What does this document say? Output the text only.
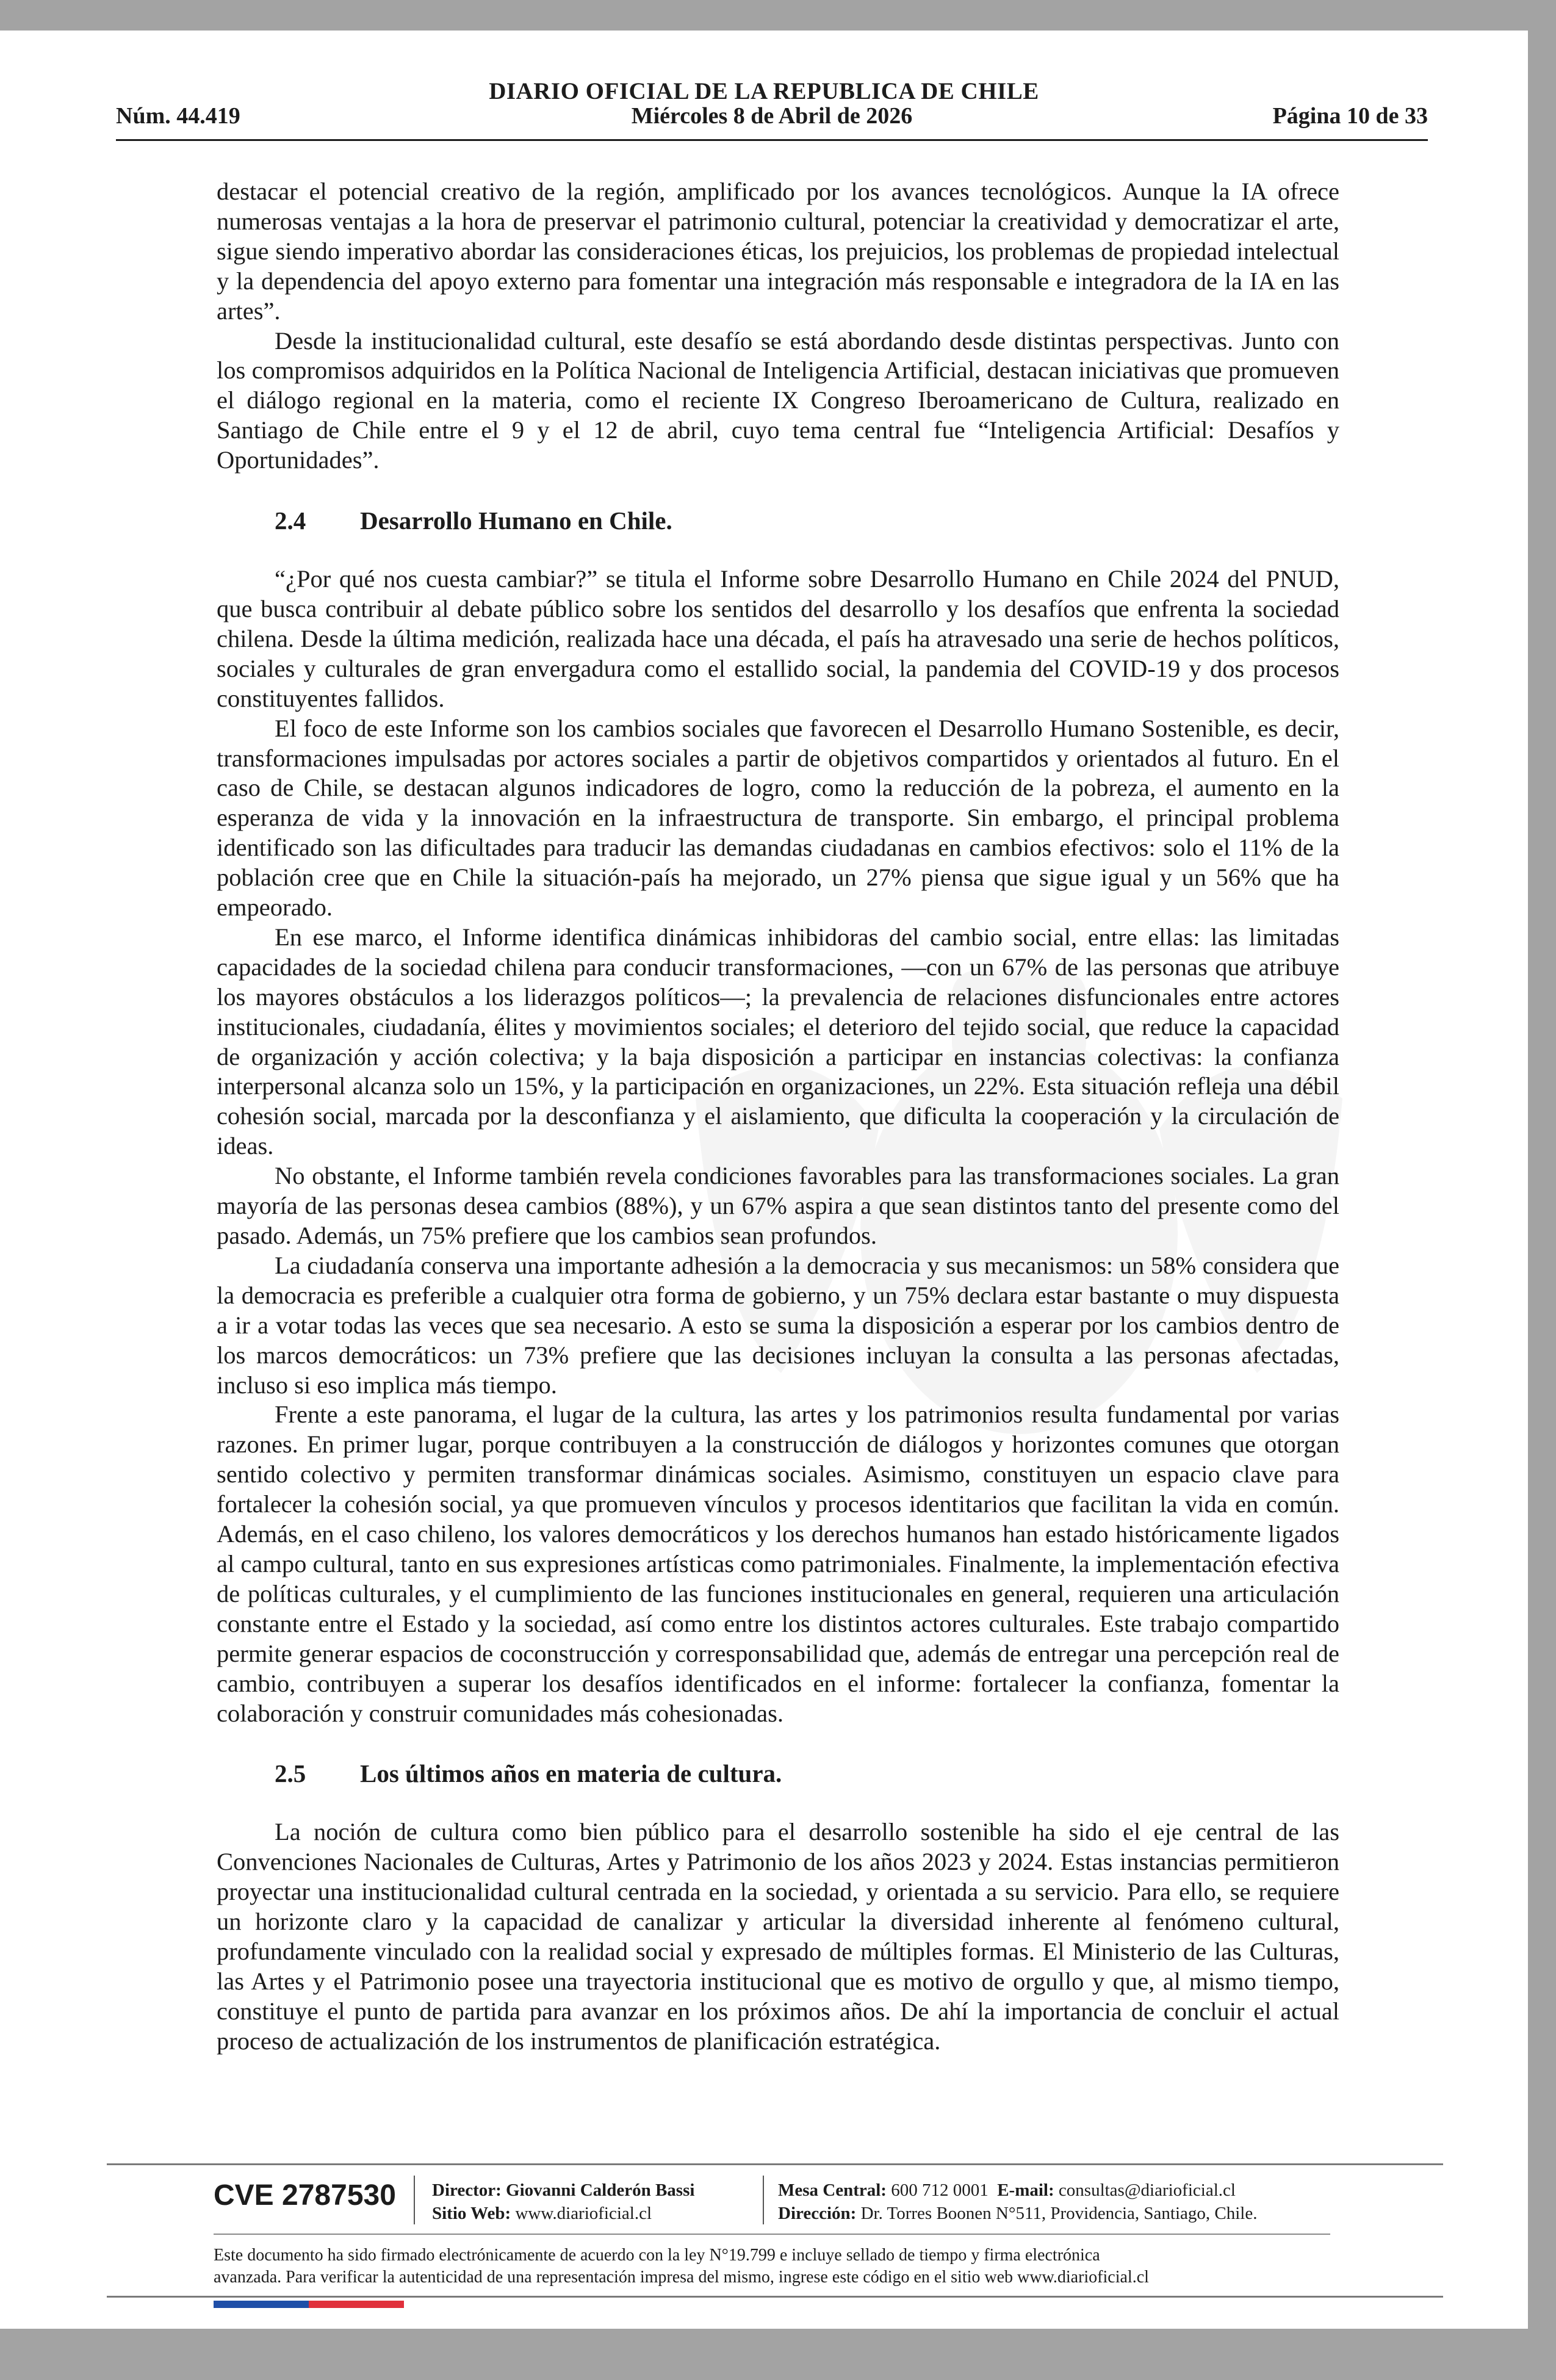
DIARIO OFICIAL DE LA REPUBLICA DE CHILE
Núm. 44.419	Miércoles 8 de Abril de 2026	Página 10 de 33

destacar el potencial creativo de la región, amplificado por los avances tecnológicos. Aunque la IA ofrece numerosas ventajas a la hora de preservar el patrimonio cultural, potenciar la creatividad y democratizar el arte, sigue siendo imperativo abordar las consideraciones éticas, los prejuicios, los problemas de propiedad intelectual y la dependencia del apoyo externo para fomentar una integración más responsable e integradora de la IA en las artes”.

Desde la institucionalidad cultural, este desafío se está abordando desde distintas perspectivas. Junto con los compromisos adquiridos en la Política Nacional de Inteligencia Artificial, destacan iniciativas que promueven el diálogo regional en la materia, como el reciente IX Congreso Iberoamericano de Cultura, realizado en Santiago de Chile entre el 9 y el 12 de abril, cuyo tema central fue “Inteligencia Artificial: Desafíos y Oportunidades”.

2.4 Desarrollo Humano en Chile.

“¿Por qué nos cuesta cambiar?” se titula el Informe sobre Desarrollo Humano en Chile 2024 del PNUD, que busca contribuir al debate público sobre los sentidos del desarrollo y los desafíos que enfrenta la sociedad chilena. Desde la última medición, realizada hace una década, el país ha atravesado una serie de hechos políticos, sociales y culturales de gran envergadura como el estallido social, la pandemia del COVID-19 y dos procesos constituyentes fallidos.

El foco de este Informe son los cambios sociales que favorecen el Desarrollo Humano Sostenible, es decir, transformaciones impulsadas por actores sociales a partir de objetivos compartidos y orientados al futuro. En el caso de Chile, se destacan algunos indicadores de logro, como la reducción de la pobreza, el aumento en la esperanza de vida y la innovación en la infraestructura de transporte. Sin embargo, el principal problema identificado son las dificultades para traducir las demandas ciudadanas en cambios efectivos: solo el 11% de la población cree que en Chile la situación-país ha mejorado, un 27% piensa que sigue igual y un 56% que ha empeorado.

En ese marco, el Informe identifica dinámicas inhibidoras del cambio social, entre ellas: las limitadas capacidades de la sociedad chilena para conducir transformaciones, —con un 67% de las personas que atribuye los mayores obstáculos a los liderazgos políticos—; la prevalencia de relaciones disfuncionales entre actores institucionales, ciudadanía, élites y movimientos sociales; el deterioro del tejido social, que reduce la capacidad de organización y acción colectiva; y la baja disposición a participar en instancias colectivas: la confianza interpersonal alcanza solo un 15%, y la participación en organizaciones, un 22%. Esta situación refleja una débil cohesión social, marcada por la desconfianza y el aislamiento, que dificulta la cooperación y la circulación de ideas.

No obstante, el Informe también revela condiciones favorables para las transformaciones sociales. La gran mayoría de las personas desea cambios (88%), y un 67% aspira a que sean distintos tanto del presente como del pasado. Además, un 75% prefiere que los cambios sean profundos.

La ciudadanía conserva una importante adhesión a la democracia y sus mecanismos: un 58% considera que la democracia es preferible a cualquier otra forma de gobierno, y un 75% declara estar bastante o muy dispuesta a ir a votar todas las veces que sea necesario. A esto se suma la disposición a esperar por los cambios dentro de los marcos democráticos: un 73% prefiere que las decisiones incluyan la consulta a las personas afectadas, incluso si eso implica más tiempo.

Frente a este panorama, el lugar de la cultura, las artes y los patrimonios resulta fundamental por varias razones. En primer lugar, porque contribuyen a la construcción de diálogos y horizontes comunes que otorgan sentido colectivo y permiten transformar dinámicas sociales. Asimismo, constituyen un espacio clave para fortalecer la cohesión social, ya que promueven vínculos y procesos identitarios que facilitan la vida en común. Además, en el caso chileno, los valores democráticos y los derechos humanos han estado históricamente ligados al campo cultural, tanto en sus expresiones artísticas como patrimoniales. Finalmente, la implementación efectiva de políticas culturales, y el cumplimiento de las funciones institucionales en general, requieren una articulación constante entre el Estado y la sociedad, así como entre los distintos actores culturales. Este trabajo compartido permite generar espacios de coconstrucción y corresponsabilidad que, además de entregar una percepción real de cambio, contribuyen a superar los desafíos identificados en el informe: fortalecer la confianza, fomentar la colaboración y construir comunidades más cohesionadas.

2.5 Los últimos años en materia de cultura.

La noción de cultura como bien público para el desarrollo sostenible ha sido el eje central de las Convenciones Nacionales de Culturas, Artes y Patrimonio de los años 2023 y 2024. Estas instancias permitieron proyectar una institucionalidad cultural centrada en la sociedad, y orientada a su servicio. Para ello, se requiere un horizonte claro y la capacidad de canalizar y articular la diversidad inherente al fenómeno cultural, profundamente vinculado con la realidad social y expresado de múltiples formas. El Ministerio de las Culturas, las Artes y el Patrimonio posee una trayectoria institucional que es motivo de orgullo y que, al mismo tiempo, constituye el punto de partida para avanzar en los próximos años. De ahí la importancia de concluir el actual proceso de actualización de los instrumentos de planificación estratégica.

CVE 2787530 Director: Giovanni Calderón Bassi
Sitio Web: www.diarioficial.cl
Mesa Central: 600 712 0001 E-mail: consultas@diarioficial.cl
Dirección: Dr. Torres Boonen N°511, Providencia, Santiago, Chile.
Este documento ha sido firmado electrónicamente de acuerdo con la ley N°19.799 e incluye sellado de tiempo y firma electrónica
avanzada. Para verificar la autenticidad de una representación impresa del mismo, ingrese este código en el sitio web www.diarioficial.cl
